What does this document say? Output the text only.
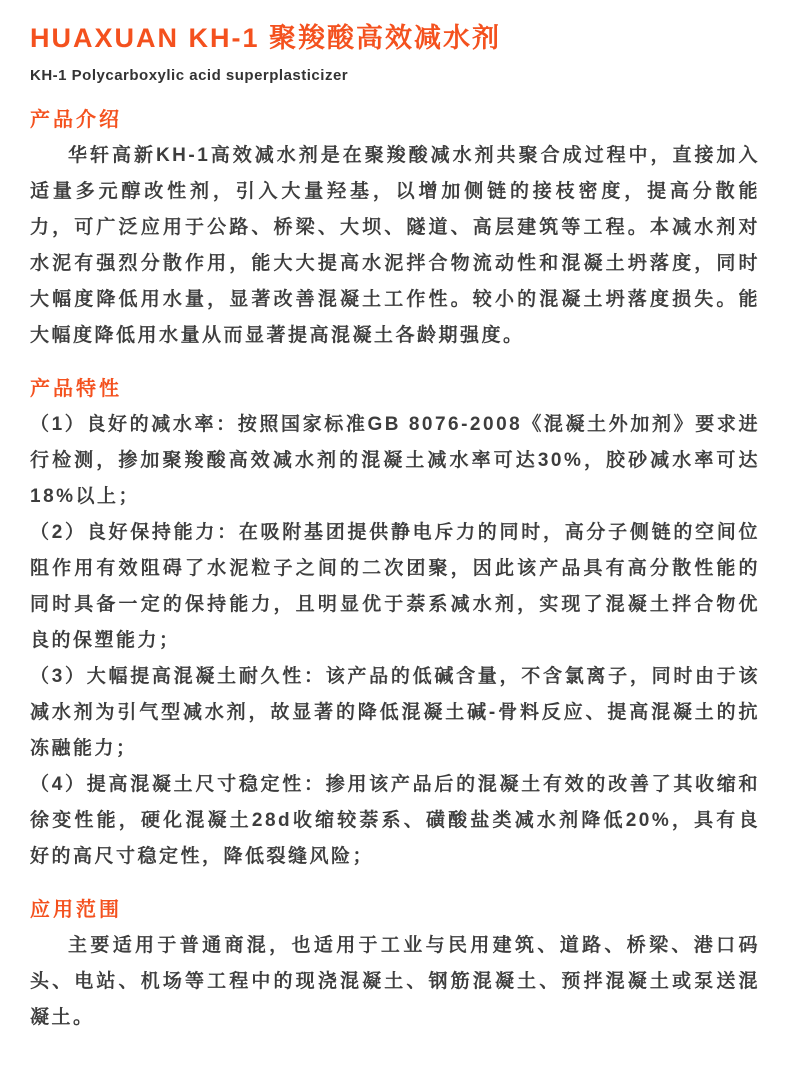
HUAXUAN KH-1 聚羧酸高效减水剂
KH-1 Polycarboxylic acid superplasticizer
产品介绍

华轩高新KH-1高效减水剂是在聚羧酸减水剂共聚合成过程中，直接加入适量多元醇改性剂，引入大量羟基，以增加侧链的接枝密度，提高分散能力，可广泛应用于公路、桥梁、大坝、隧道、高层建筑等工程。本减水剂对水泥有强烈分散作用，能大大提高水泥拌合物流动性和混凝土坍落度，同时大幅度降低用水量，显著改善混凝土工作性。较小的混凝土坍落度损失。能大幅度降低用水量从而显著提高混凝土各龄期强度。

产品特性

（1）良好的减水率：按照国家标准GB 8076-2008《混凝土外加剂》要求进行检测，掺加聚羧酸高效减水剂的混凝土减水率可达30%，胶砂减水率可达18%以上；

（2）良好保持能力：在吸附基团提供静电斥力的同时，高分子侧链的空间位阻作用有效阻碍了水泥粒子之间的二次团聚，因此该产品具有高分散性能的同时具备一定的保持能力，且明显优于萘系减水剂，实现了混凝土拌合物优良的保塑能力；

（3）大幅提高混凝土耐久性：该产品的低碱含量，不含氯离子，同时由于该减水剂为引气型减水剂，故显著的降低混凝土碱-骨料反应、提高混凝土的抗冻融能力；

（4）提高混凝土尺寸稳定性：掺用该产品后的混凝土有效的改善了其收缩和徐变性能，硬化混凝土28d收缩较萘系、磺酸盐类减水剂降低20%，具有良好的高尺寸稳定性，降低裂缝风险；

应用范围

主要适用于普通商混，也适用于工业与民用建筑、道路、桥梁、港口码头、电站、机场等工程中的现浇混凝土、钢筋混凝土、预拌混凝土或泵送混凝土。
